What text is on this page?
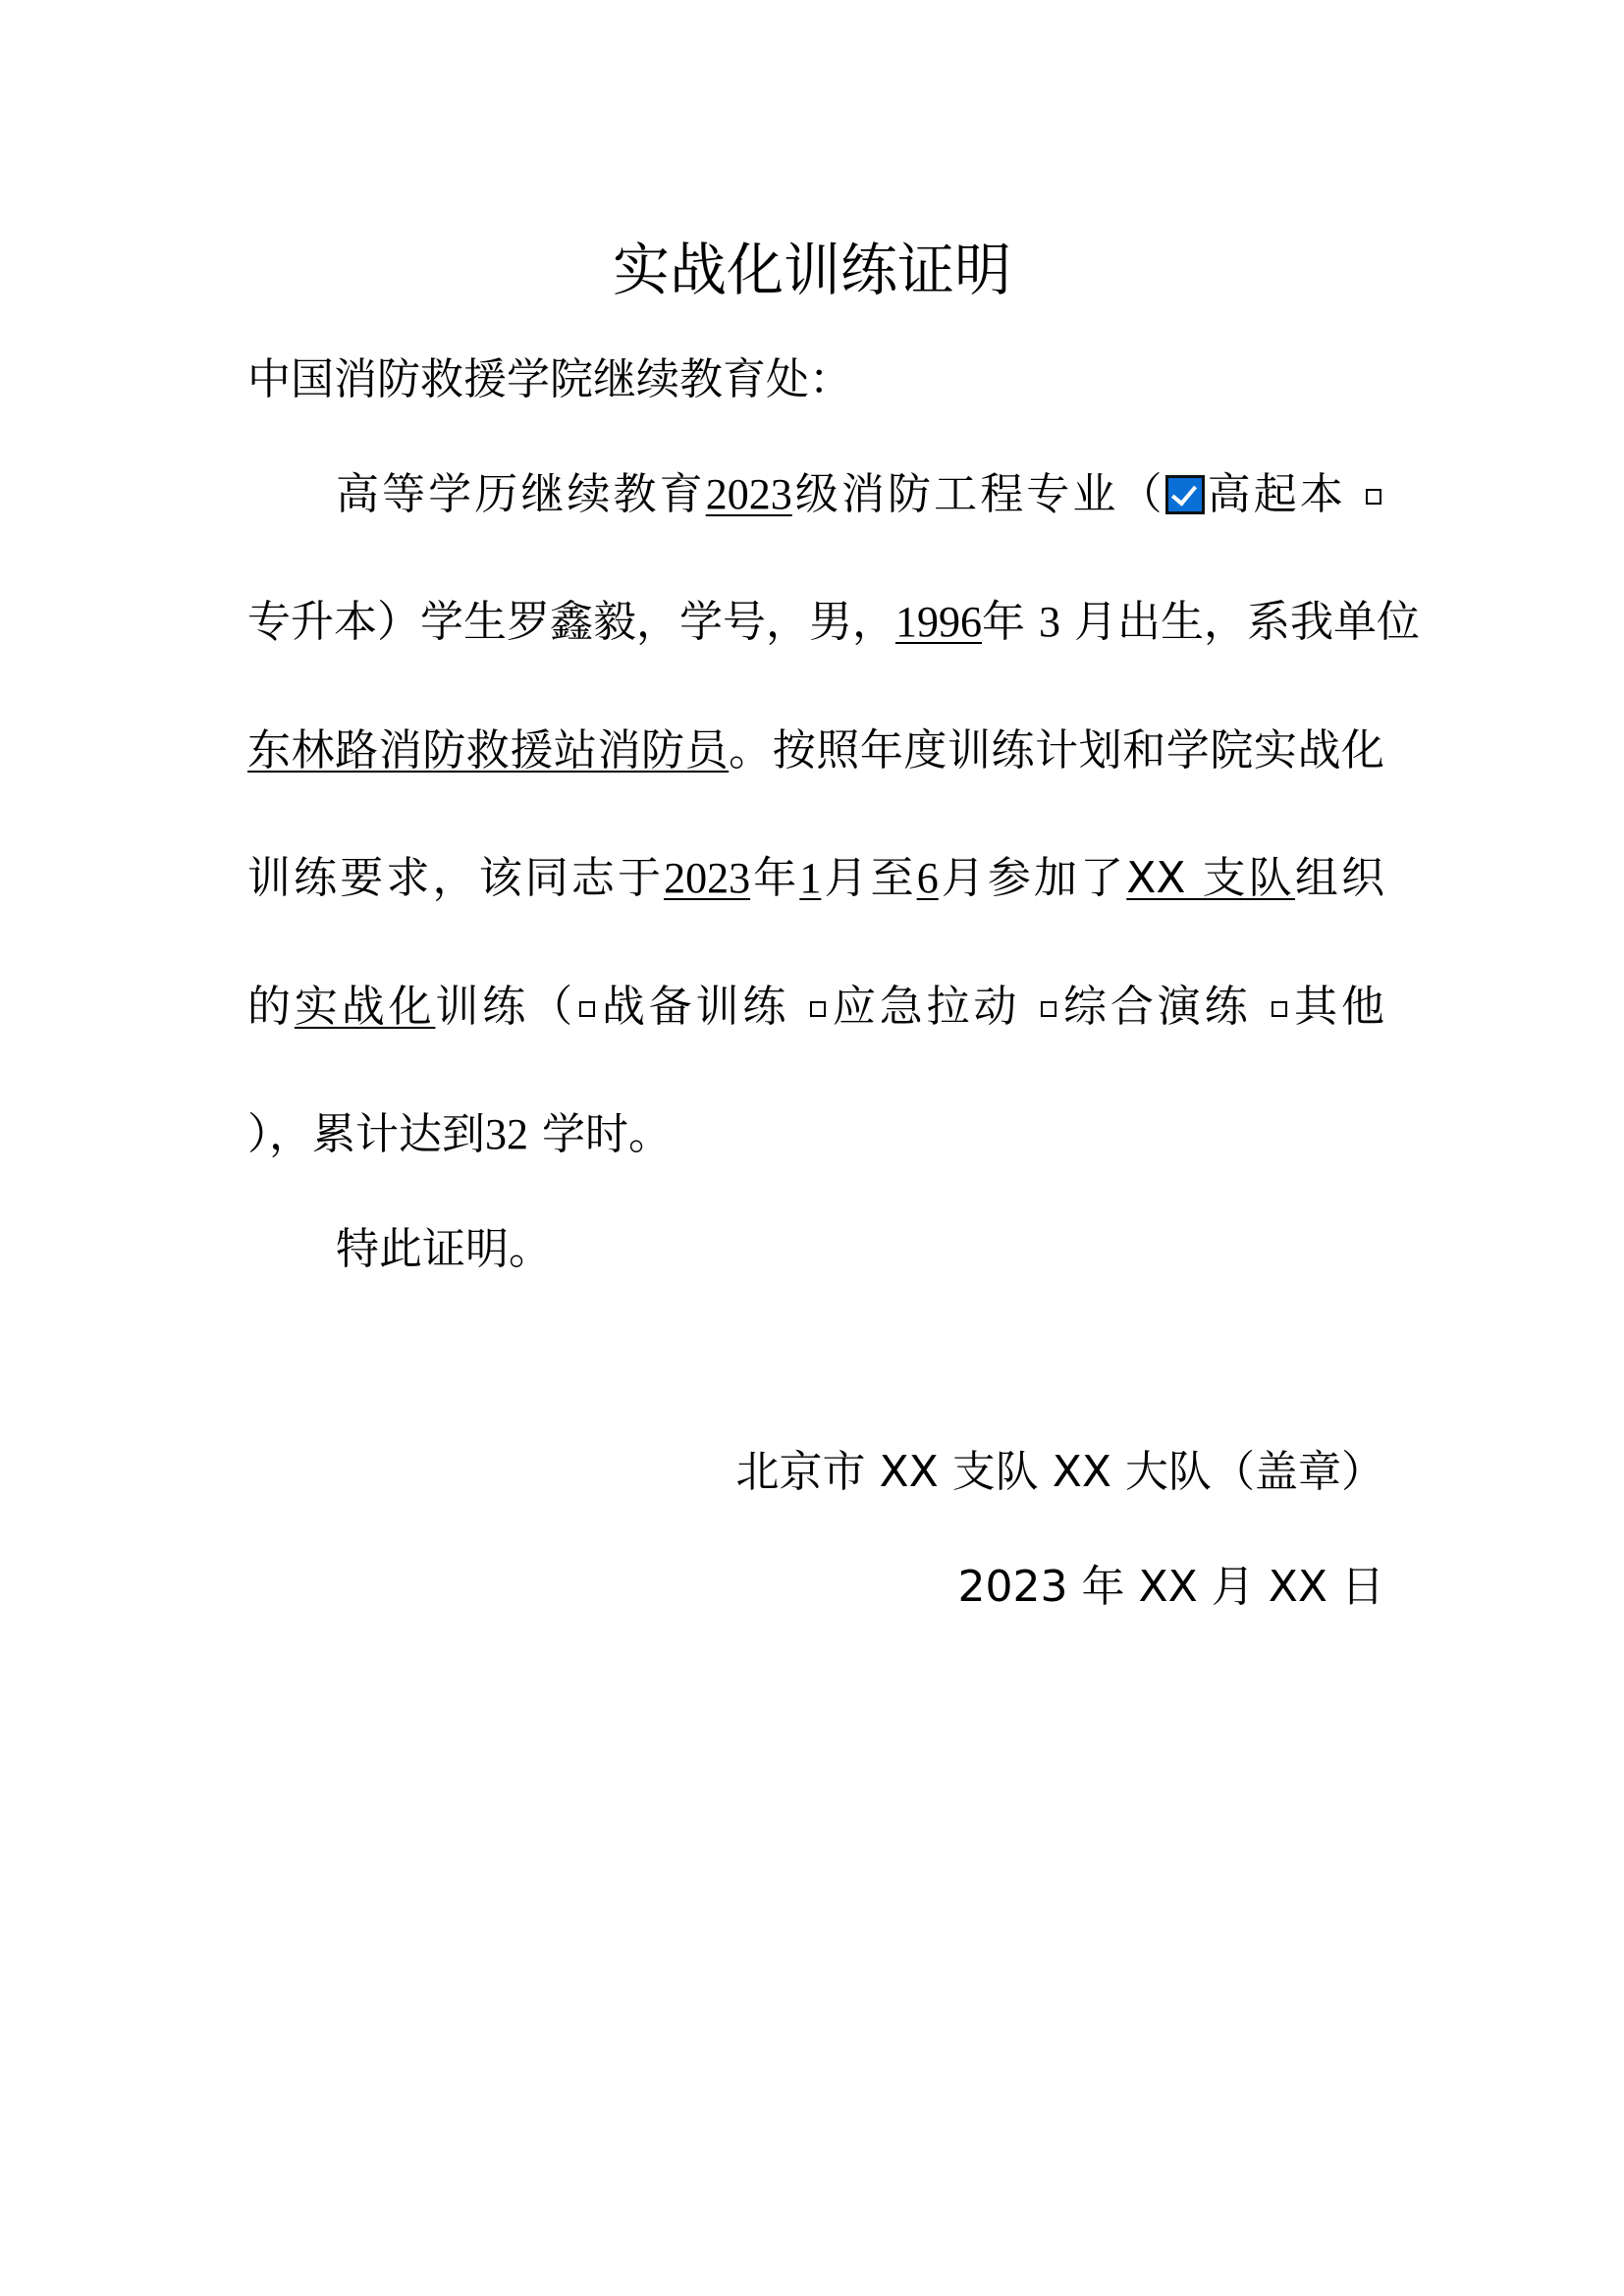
实战化训练证明
中国消防救援学院继续教育处：
高等学历继续教育2023级消防工程专业（ 高起本
专升本）学生罗鑫毅，学号，男，1996年 3 月出生，系我单位
东林路消防救援站消防员。按照年度训练计划和学院实战化
训练要求，该同志于2023年1月至6月参加了XX 支队组织
的实战化训练（ 战备训练 应急拉动 综合演练 其他
），累计达到32 学时。
特此证明。
北京市 XX 支队 XX 大队（盖章）
2023 年 XX 月 XX 日
